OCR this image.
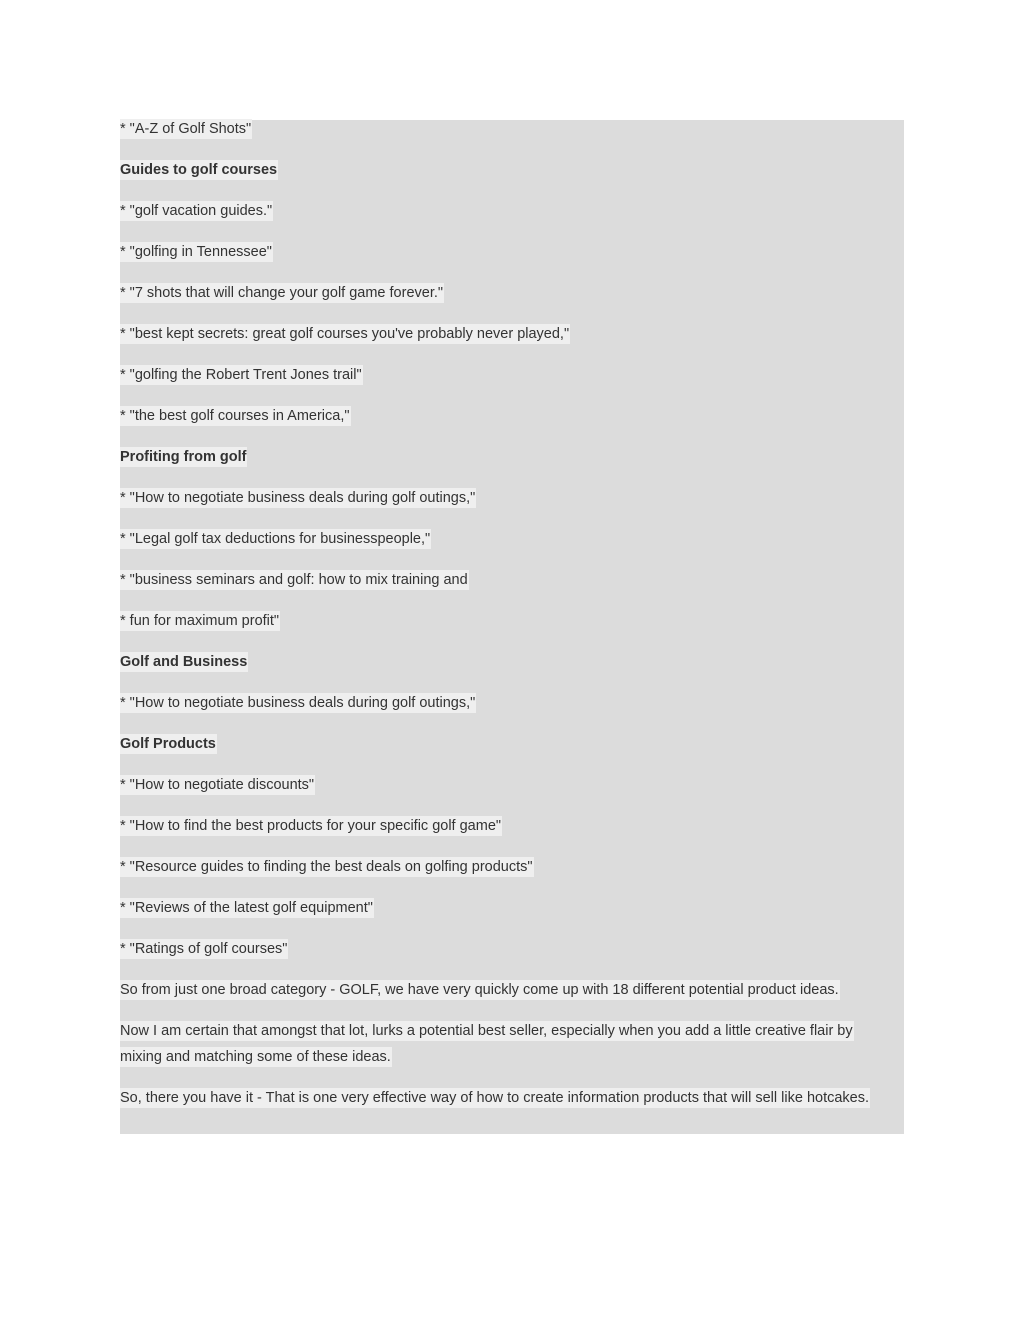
* "A-Z of Golf Shots"
Guides to golf courses
* "golf vacation guides."
* "golfing in Tennessee"
* "7 shots that will change your golf game forever."
* "best kept secrets: great golf courses you've probably never played,"
* "golfing the Robert Trent Jones trail"
* "the best golf courses in America,"
Profiting from golf
* "How to negotiate business deals during golf outings,"
* "Legal golf tax deductions for businesspeople,"
* "business seminars and golf: how to mix training and
* fun for maximum profit"
Golf and Business
* "How to negotiate business deals during golf outings,"
Golf Products
* "How to negotiate discounts"
* "How to find the best products for your specific golf game"
* "Resource guides to finding the best deals on golfing products"
* "Reviews of the latest golf equipment"
* "Ratings of golf courses"
So from just one broad category - GOLF, we have very quickly come up with 18 different potential product ideas.
Now I am certain that amongst that lot, lurks a potential best seller, especially when you add a little creative flair by
mixing and matching some of these ideas.
So, there you have it - That is one very effective way of how to create information products that will sell like hotcakes.
